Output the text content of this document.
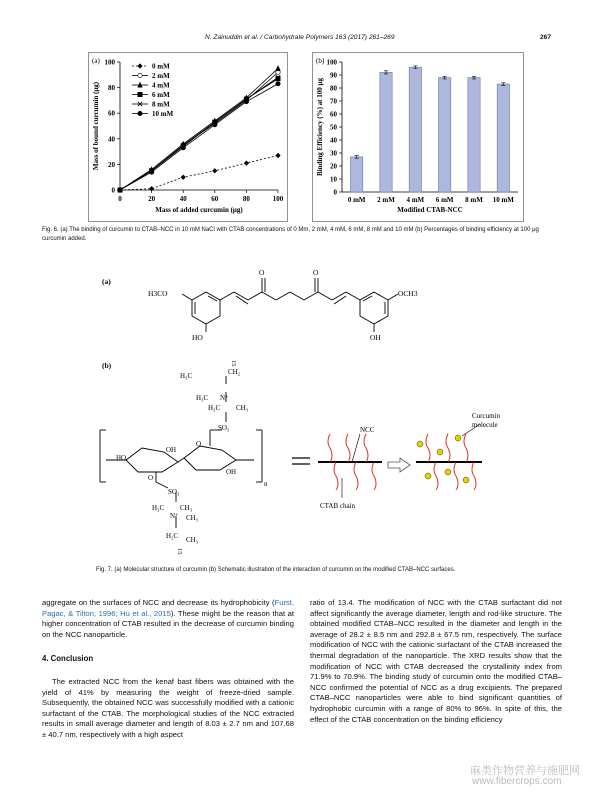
N. Zainuddin et al. / Carbohydrate Polymers 163 (2017) 261–269	267
(a)
0	20	40	60	80	100
0
20
40
60
80
100
Mass of added curcumin (μg)
Mass of bound curcumin (μg)
0 mM
2 mM
4 mM
6 mM
8 mM
10 mM
(b)
0
10
20
30
40
50
60
70
80
90
100
0 mM 2 mM 4 mM 6 mM 8 mM 10 mM
Modified CTAB-NCC
Binding Efficiency (%) at 100 μg
Fig. 6. (a) The binding of curcumin to CTAB–NCC in 10 mM NaCl with CTAB concentrations of 0 Mm, 2 mM, 4 mM, 6 mM, 8 mM and 10 mM (b) Percentages of binding efficiency at 100 μg curcumin added.
(a)
H3CO	OCH3
HO	OH
O	O
(b)
H₃C	CH₂
H₃C N⁺
H₃C CH₃
SO₃
15
OH
HO
O
OH
O
n
SO₃
H₃C CH₃
N⁺ CH₃
H₂C CH₃
15
NCC
CTAB chain
Curcumin
molecule
Fig. 7. (a) Molecular structure of curcumin (b) Schematic illustration of the interaction of curcumin on the modified CTAB–NCC surfaces.
aggregate on the surfaces of NCC and decrease its hydrophobicity (Furst, Pagac, & Tilton, 1996; Hu et al., 2015). These might be the reason that at higher concentration of CTAB resulted in the decrease of curcumin binding on the NCC nanoparticle.
4. Conclusion
The extracted NCC from the kenaf bast fibers was obtained with the yield of 41% by measuring the weight of freeze-dried sample. Subsequently, the obtained NCC was successfully modified with a cationic surfactant of the CTAB. The morphological studies of the NCC extracted results in small average diameter and length of 8.03 ± 2.7 nm and 107.68 ± 40.7 nm, respectively with a high aspect
ratio of 13.4. The modification of NCC with the CTAB surfactant did not affect significantly the average diameter, length and rod-like structure. The obtained modified CTAB–NCC resulted in the diameter and length in the average of 28.2 ± 8.5 nm and 292.8 ± 67.5 nm, respectively. The surface modification of NCC with the cationic surfactant of the CTAB increased the thermal degradation of the nanoparticle. The XRD results show that the modification of NCC with CTAB decreased the crystallinity index from 71.9% to 70.9%. The binding study of curcumin onto the modified CTAB–NCC confirmed the potential of NCC as a drug excipients. The prepared CTAB–NCC nanoparticles were able to bind significant quantities of hydrophobic curcumin with a range of 80% to 96%. In spite of this, the effect of the CTAB concentration on the binding efficiency
麻类作物营养与施肥网
www.fibercrops.com
